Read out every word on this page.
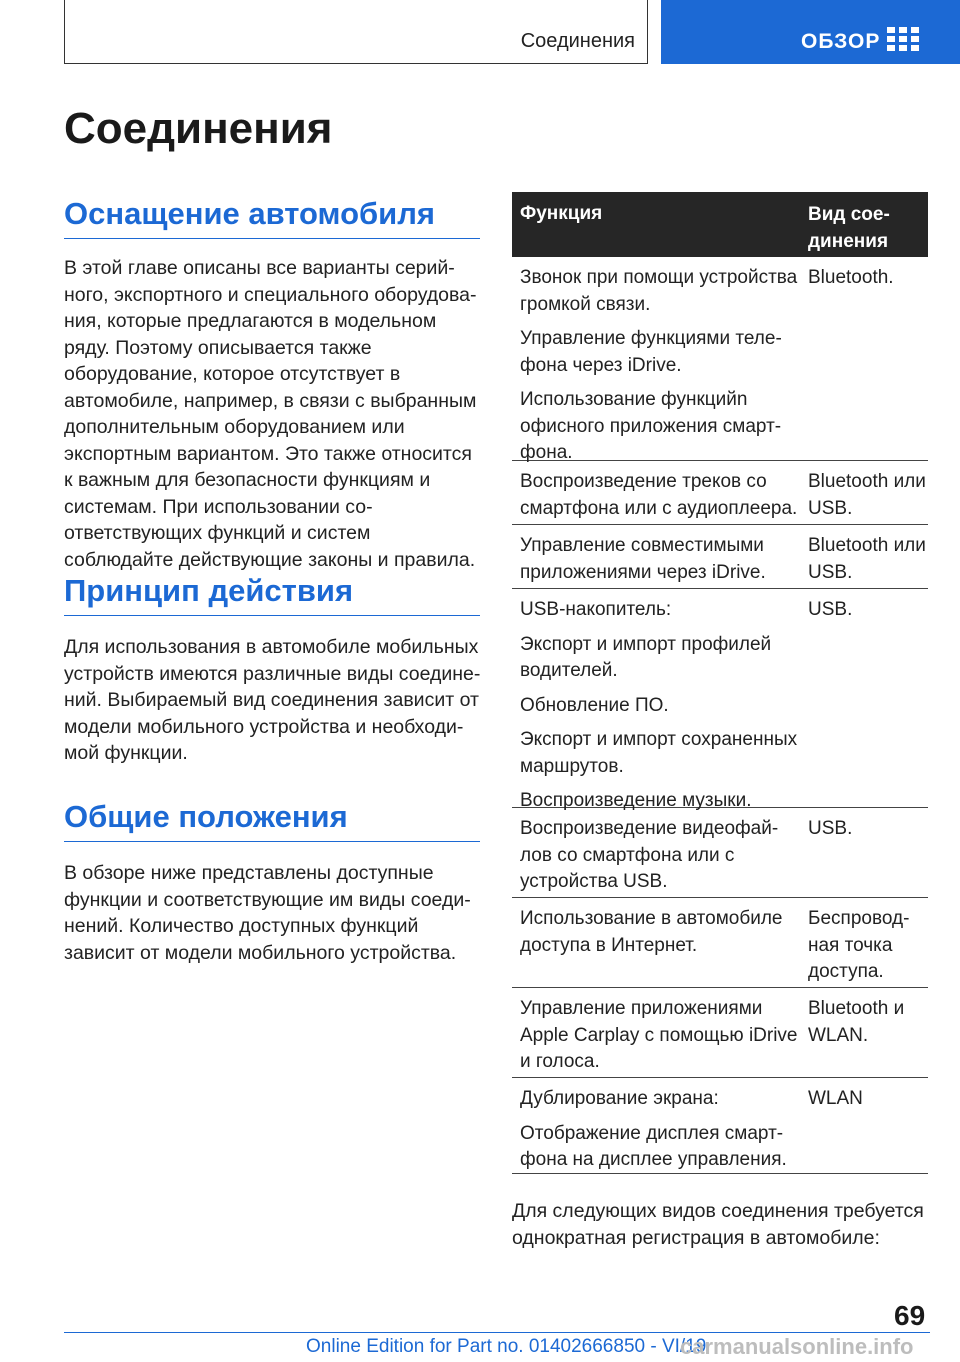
Соединения	ОБЗОР
Соединения
Оснащение автомобиля

В этой главе описаны все варианты серийного, экспортного и специального оборудования, которые предлагаются в модельном ряду. Поэтому описывается также оборудование, которое отсутствует в автомобиле, например, в связи с выбранным дополнительным оборудованием или экспортным вариантом. Это также относится к важным для безопасности функциям и системам. При использовании соответствующих функций и систем соблюдайте действующие законы и правила.

Принцип действия

Для использования в автомобиле мобильных устройств имеются различные виды соединений. Выбираемый вид соединения зависит от модели мобильного устройства и необходимой функции.

Общие положения

В обзоре ниже представлены доступные функции и соответствующие им виды соединений. Количество доступных функций зависит от модели мобильного устройства.

Функция	Вид соединения

Звонок при помощи устройства громкой связи.

Управление функциями телефона через iDrive.

Использование функцийn офисного приложения смартфона.

Bluetooth.

Воспроизведение треков со смартфона или с аудиоплеера.

Bluetooth или USB.

Управление совместимыми приложениями через iDrive.

Bluetooth или USB.

USB-накопитель:

Экспорт и импорт профилей водителей.

Обновление ПО.

Экспорт и импорт сохраненных маршрутов.

Воспроизведение музыки.

USB.

Воспроизведение видеофайлов со смартфона или с устройства USB.

USB.

Использование в автомобиле доступа в Интернет.

Беспроводная точка доступа.

Управление приложениями Apple Carplay с помощью iDrive и голоса.

Bluetooth и WLAN.

Дублирование экрана:

Отображение дисплея смартфона на дисплее управления.

WLAN

Для следующих видов соединения требуется однократная регистрация в автомобиле:

69
Online Edition for Part no. 01402666850 - VI/19
carmanualsonline.info
